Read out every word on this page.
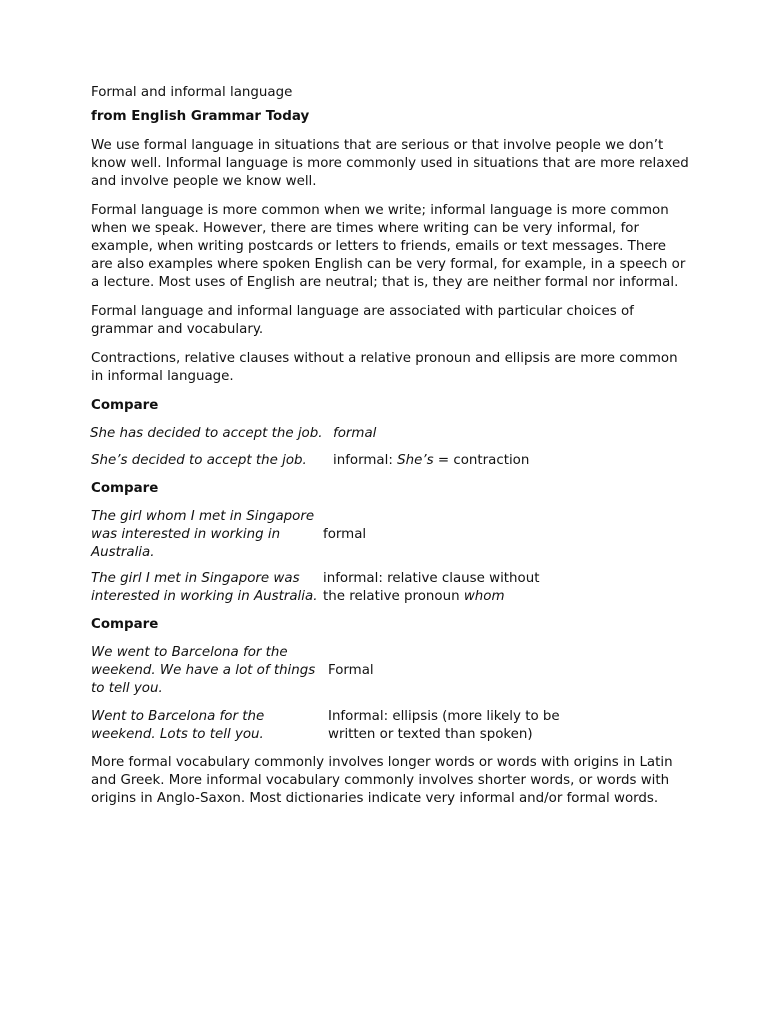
Formal and informal language

from English Grammar Today

We use formal language in situations that are serious or that involve people we don’t know well. Informal language is more commonly used in situations that are more relaxed and involve people we know well.

Formal language is more common when we write; informal language is more common when we speak. However, there are times where writing can be very informal, for example, when writing postcards or letters to friends, emails or text messages. There are also examples where spoken English can be very formal, for example, in a speech or a lecture. Most uses of English are neutral; that is, they are neither formal nor informal.

Formal language and informal language are associated with particular choices of grammar and vocabulary.

Contractions, relative clauses without a relative pronoun and ellipsis are more common in informal language.

Compare

She has decided to accept the job. formal
She’s decided to accept the job.	informal: She’s = contraction

Compare

The girl whom I met in Singapore was interested in working in Australia.
formal
The girl I met in Singapore was interested in working in Australia.
informal: relative clause without the relative pronoun whom

Compare

We went to Barcelona for the weekend. We have a lot of things to tell you.
Formal
Went to Barcelona for the weekend. Lots to tell you.
Informal: ellipsis (more likely to be written or texted than spoken)

More formal vocabulary commonly involves longer words or words with origins in Latin and Greek. More informal vocabulary commonly involves shorter words, or words with origins in Anglo-Saxon. Most dictionaries indicate very informal and/or formal words.
